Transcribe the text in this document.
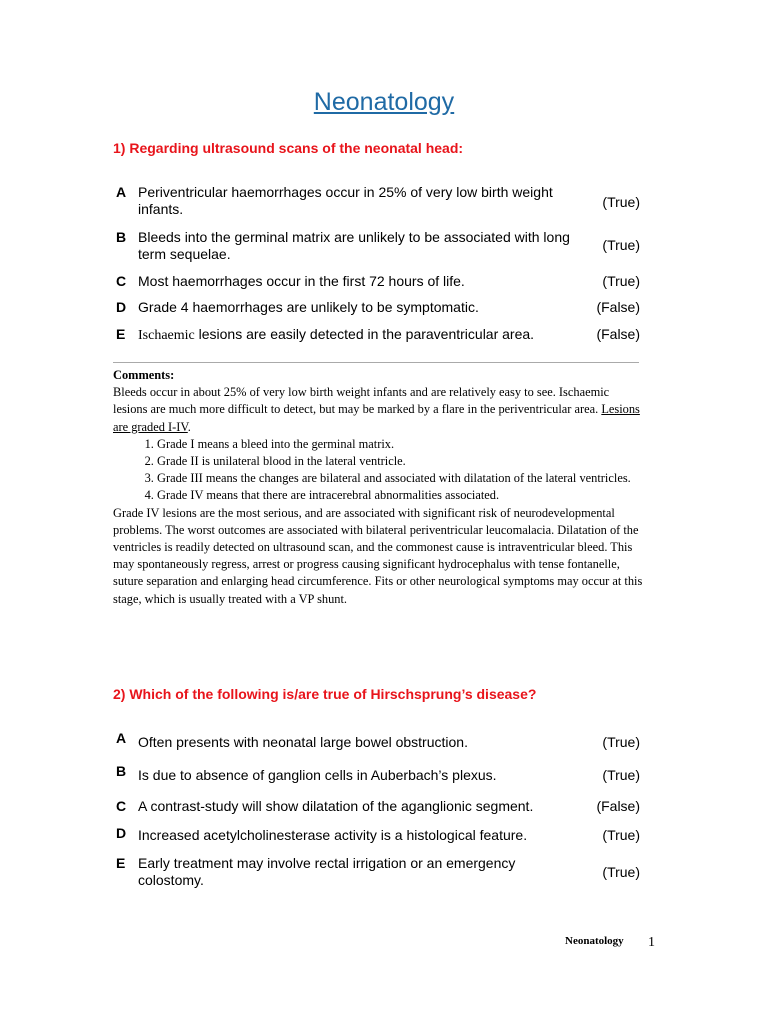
Neonatology
1) Regarding ultrasound scans of the neonatal head:
A Periventricular haemorrhages occur in 25% of very low birth weight infants.	(True)
B Bleeds into the germinal matrix are unlikely to be associated with long term sequelae.
(True)
C Most haemorrhages occur in the first 72 hours of life.	(True)
D Grade 4 haemorrhages are unlikely to be symptomatic.	(False)
E Ischaemic lesions are easily detected in the paraventricular area.	(False)
Comments:

Bleeds occur in about 25% of very low birth weight infants and are relatively easy to see. Ischaemic lesions are much more difficult to detect, but may be marked by a flare in the periventricular area. Lesions are graded I-IV.

1. Grade I means a bleed into the germinal matrix.
2. Grade II is unilateral blood in the lateral ventricle.
3. Grade III means the changes are bilateral and associated with dilatation of the lateral ventricles.
4. Grade IV means that there are intracerebral abnormalities associated.

Grade IV lesions are the most serious, and are associated with significant risk of neurodevelopmental problems. The worst outcomes are associated with bilateral periventricular leucomalacia. Dilatation of the ventricles is readily detected on ultrasound scan, and the commonest cause is intraventricular bleed. This may spontaneously regress, arrest or progress causing significant hydrocephalus with tense fontanelle, suture separation and enlarging head circumference. Fits or other neurological symptoms may occur at this stage, which is usually treated with a VP shunt.

2) Which of the following is/are true of Hirschsprung’s disease?
A Often presents with neonatal large bowel obstruction.	(True)
B Is due to absence of ganglion cells in Auberbach’s plexus.	(True)
C A contrast-study will show dilatation of the aganglionic segment.	(False)
D Increased acetylcholinesterase activity is a histological feature.	(True)
E Early treatment may involve rectal irrigation or an emergency colostomy.	(True)
Neonatology 1
